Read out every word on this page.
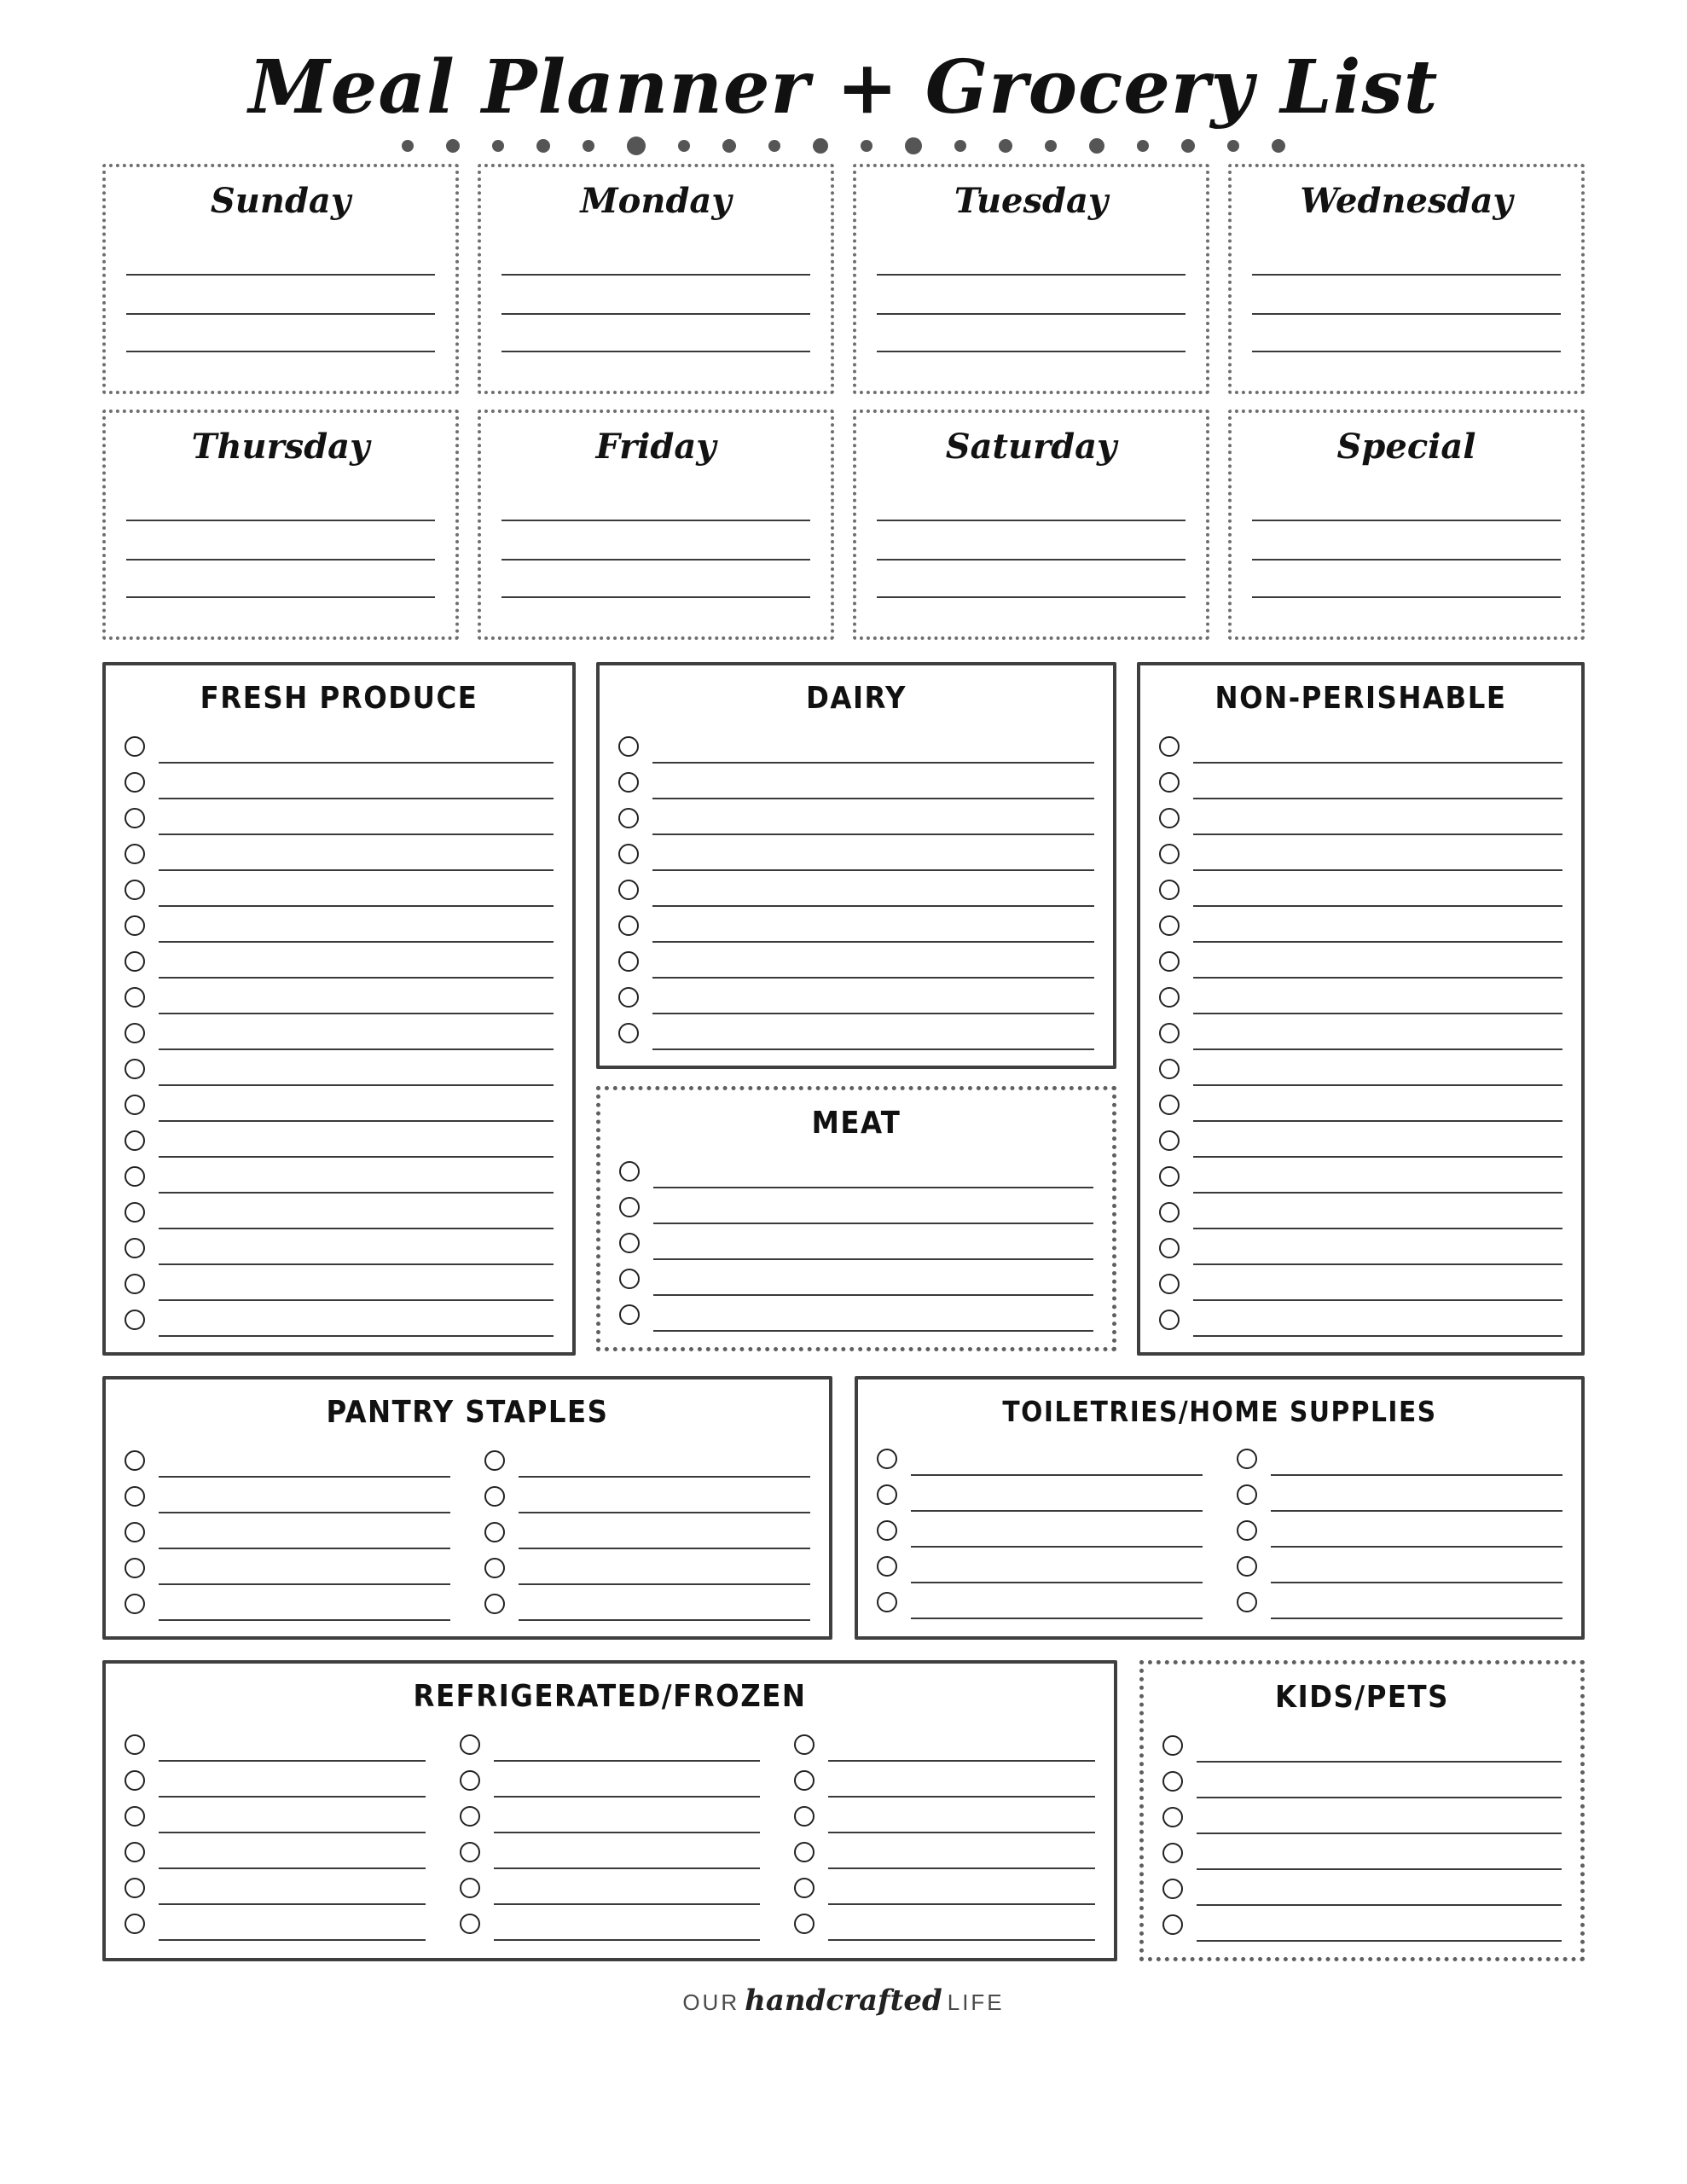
Meal Planner + Grocery List
Sunday	Monday	Tuesday	Wednesday
Thursday	Friday	Saturday	Special
FRESH PRODUCE	DAIRY
MEAT
NON-PERISHABLE
PANTRY STAPLES	TOILETRIES/HOME SUPPLIES
REFRIGERATED/FROZEN	KIDS/PETS
OUR handcrafted LIFE
